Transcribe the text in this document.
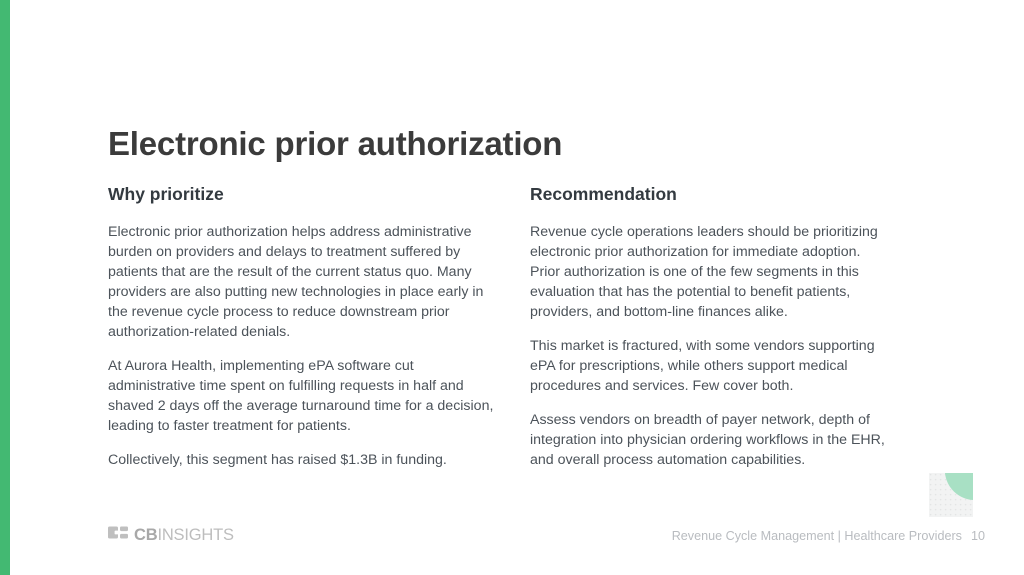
Electronic prior authorization
Why prioritize

Electronic prior authorization helps address administrative burden on providers and delays to treatment suffered by patients that are the result of the current status quo. Many providers are also putting new technologies in place early in the revenue cycle process to reduce downstream prior authorization-related denials.

At Aurora Health, implementing ePA software cut administrative time spent on fulfilling requests in half and shaved 2 days off the average turnaround time for a decision, leading to faster treatment for patients.

Collectively, this segment has raised $1.3B in funding.

Recommendation

Revenue cycle operations leaders should be prioritizing electronic prior authorization for immediate adoption. Prior authorization is one of the few segments in this evaluation that has the potential to benefit patients, providers, and bottom-line finances alike.

This market is fractured, with some vendors supporting ePA for prescriptions, while others support medical procedures and services. Few cover both.

Assess vendors on breadth of payer network, depth of integration into physician ordering workflows in the EHR, and overall process automation capabilities.

CBINSIGHTS	Revenue Cycle Management | Healthcare Providers 10
